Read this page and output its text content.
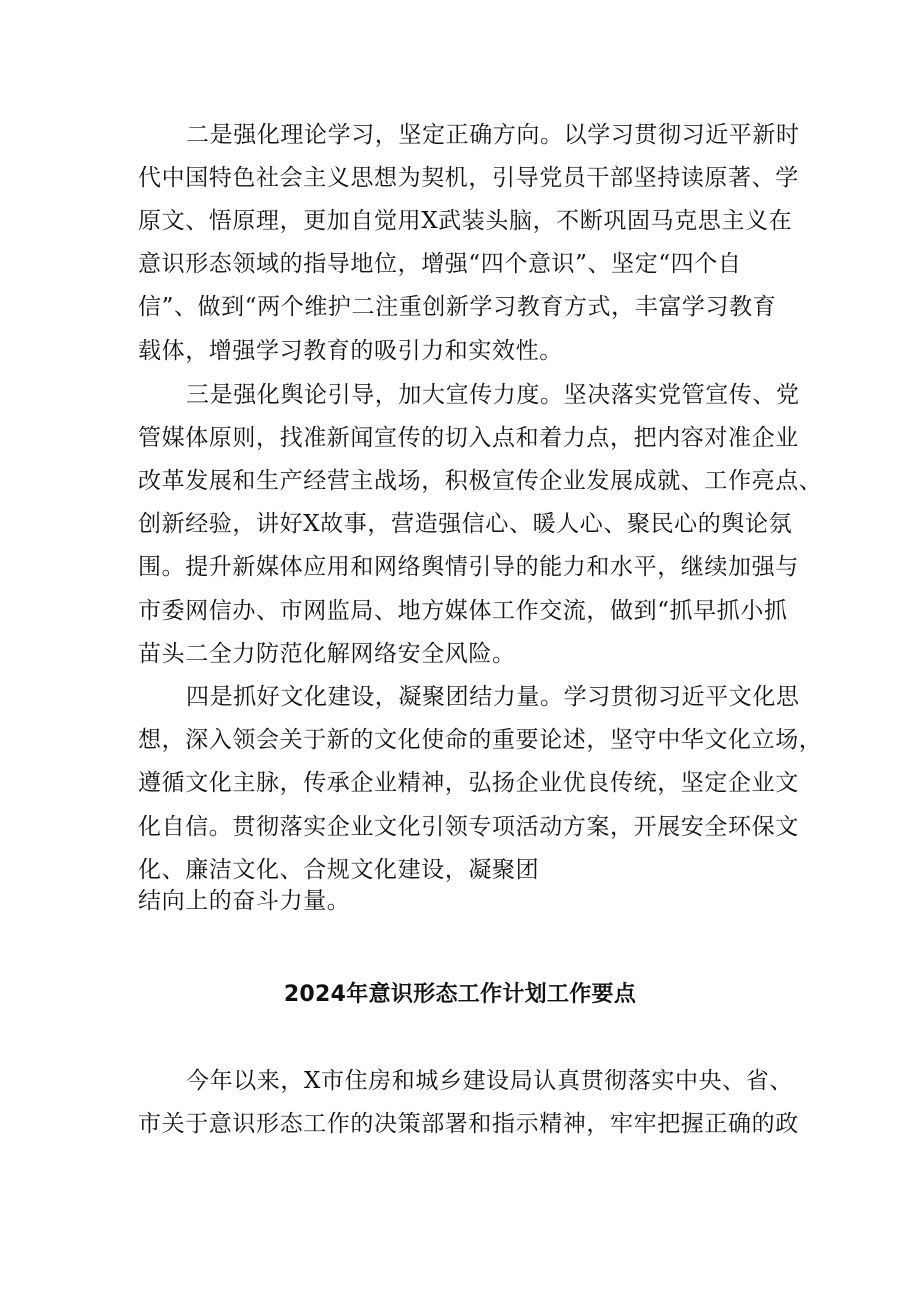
二是强化理论学习，坚定正确方向。以学习贯彻习近平新时
代中国特色社会主义思想为契机，引导党员干部坚持读原著、学
原文、悟原理，更加自觉用X武装头脑，不断巩固马克思主义在
意识形态领域的指导地位，增强“四个意识”、坚定“四个自
信”、做到“两个维护二注重创新学习教育方式，丰富学习教育
载体，增强学习教育的吸引力和实效性。
三是强化舆论引导，加大宣传力度。坚决落实党管宣传、党
管媒体原则，找准新闻宣传的切入点和着力点，把内容对准企业
改革发展和生产经营主战场，积极宣传企业发展成就、工作亮点、
创新经验，讲好X故事，营造强信心、暖人心、聚民心的舆论氛
围。提升新媒体应用和网络舆情引导的能力和水平，继续加强与
市委网信办、市网监局、地方媒体工作交流，做到“抓早抓小抓
苗头二全力防范化解网络安全风险。
四是抓好文化建设，凝聚团结力量。学习贯彻习近平文化思
想，深入领会关于新的文化使命的重要论述，坚守中华文化立场，
遵循文化主脉，传承企业精神，弘扬企业优良传统，坚定企业文
化自信。贯彻落实企业文化引领专项活动方案，开展安全环保文
化、廉洁文化、合规文化建设，凝聚团
结向上的奋斗力量。
2024年意识形态工作计划工作要点
今年以来，X市住房和城乡建设局认真贯彻落实中央、省、
市关于意识形态工作的决策部署和指示精神，牢牢把握正确的政
